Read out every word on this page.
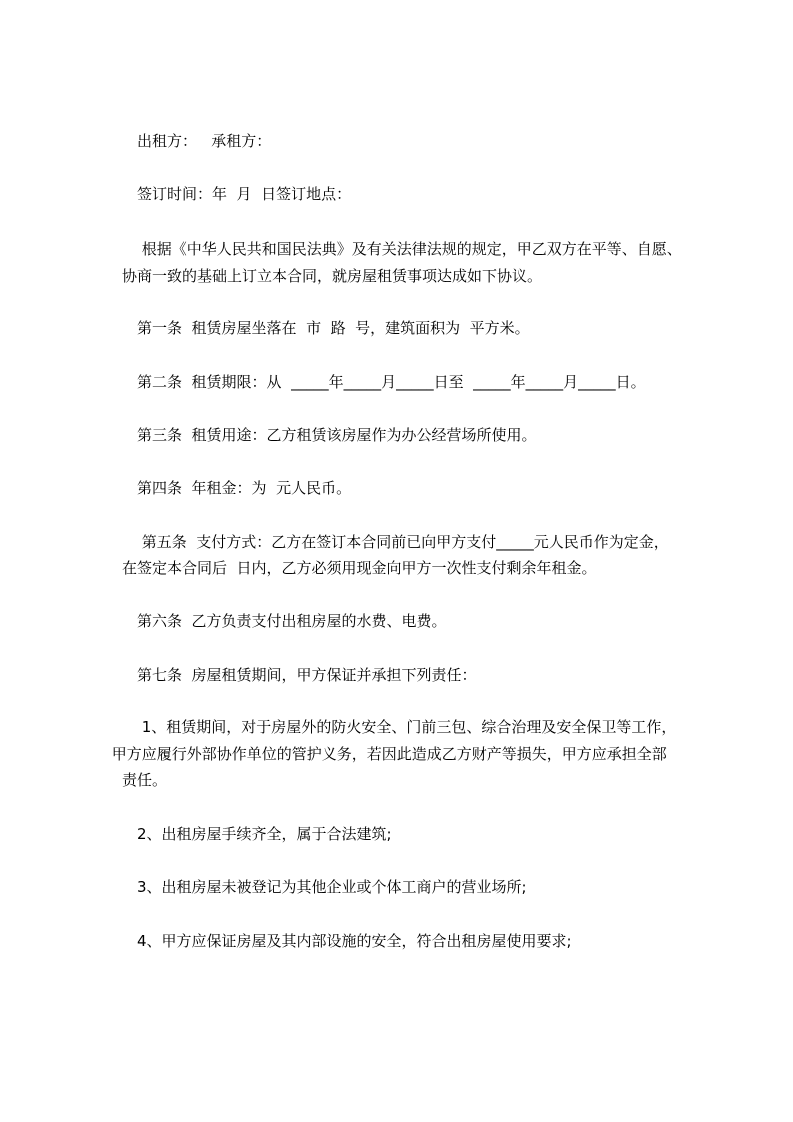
出租方：   承租方：
签订时间：年  月  日签订地点：
根据《中华人民共和国民法典》及有关法律法规的规定，甲乙双方在平等、自愿、
协商一致的基础上订立本合同，就房屋租赁事项达成如下协议。
第一条  租赁房屋坐落在  市  路  号，建筑面积为  平方米。
第二条  租赁期限：从  _____年_____月_____日至  _____年_____月_____日。
第三条  租赁用途：乙方租赁该房屋作为办公经营场所使用。
第四条  年租金：为  元人民币。
第五条  支付方式：乙方在签订本合同前已向甲方支付_____元人民币作为定金，
在签定本合同后  日内，乙方必须用现金向甲方一次性支付剩余年租金。
第六条  乙方负责支付出租房屋的水费、电费。
第七条  房屋租赁期间，甲方保证并承担下列责任：
1、租赁期间，对于房屋外的防火安全、门前三包、综合治理及安全保卫等工作，
甲方应履行外部协作单位的管护义务，若因此造成乙方财产等损失，甲方应承担全部
责任。
2、出租房屋手续齐全，属于合法建筑;
3、出租房屋未被登记为其他企业或个体工商户的营业场所;
4、甲方应保证房屋及其内部设施的安全，符合出租房屋使用要求;
